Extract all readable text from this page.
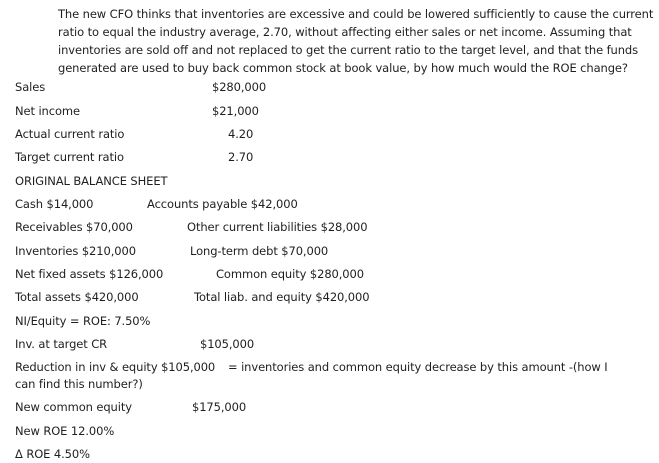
The new CFO thinks that inventories are excessive and could be lowered sufficiently to cause the current ratio to equal the industry average, 2.70, without affecting either sales or net income. Assuming that inventories are sold off and not replaced to get the current ratio to the target level, and that the funds generated are used to buy back common stock at book value, by how much would the ROE change?

Sales	$280,000
Net income	$21,000
Actual current ratio	4.20
Target current ratio	2.70
ORIGINAL BALANCE SHEET
Cash $14,000	Accounts payable $42,000
Receivables $70,000	Other current liabilities $28,000
Inventories $210,000	Long-term debt $70,000
Net fixed assets $126,000	Common equity $280,000
Total assets $420,000	Total liab. and equity $420,000
NI/Equity = ROE: 7.50%
Inv. at target CR	$105,000
Reduction in inv & equity $105,000 = inventories and common equity decrease by this amount -(how I
can find this number?)
New common equity	$175,000
New ROE 12.00%
Δ ROE 4.50%
